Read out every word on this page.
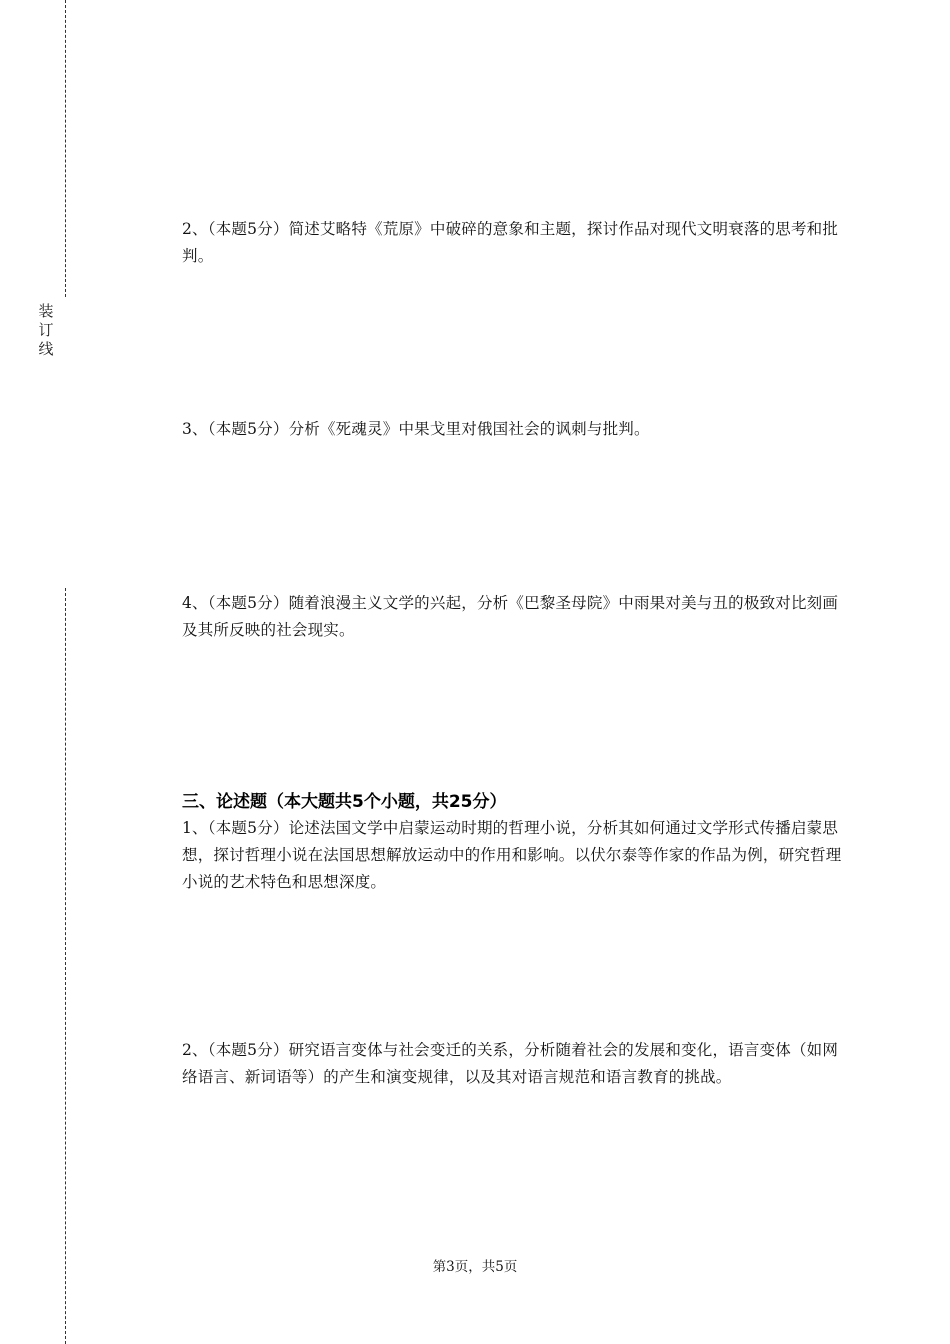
装
订
线
2、（本题5分）简述艾略特《荒原》中破碎的意象和主题，探讨作品对现代文明衰落的思考和批判。
3、（本题5分）分析《死魂灵》中果戈里对俄国社会的讽刺与批判。
4、（本题5分）随着浪漫主义文学的兴起，分析《巴黎圣母院》中雨果对美与丑的极致对比刻画及其所反映的社会现实。
三、论述题（本大题共5个小题，共25分）
1、（本题5分）论述法国文学中启蒙运动时期的哲理小说，分析其如何通过文学形式传播启蒙思想，探讨哲理小说在法国思想解放运动中的作用和影响。以伏尔泰等作家的作品为例，研究哲理小说的艺术特色和思想深度。
2、（本题5分）研究语言变体与社会变迁的关系，分析随着社会的发展和变化，语言变体（如网络语言、新词语等）的产生和演变规律，以及其对语言规范和语言教育的挑战。
第3页，共5页
